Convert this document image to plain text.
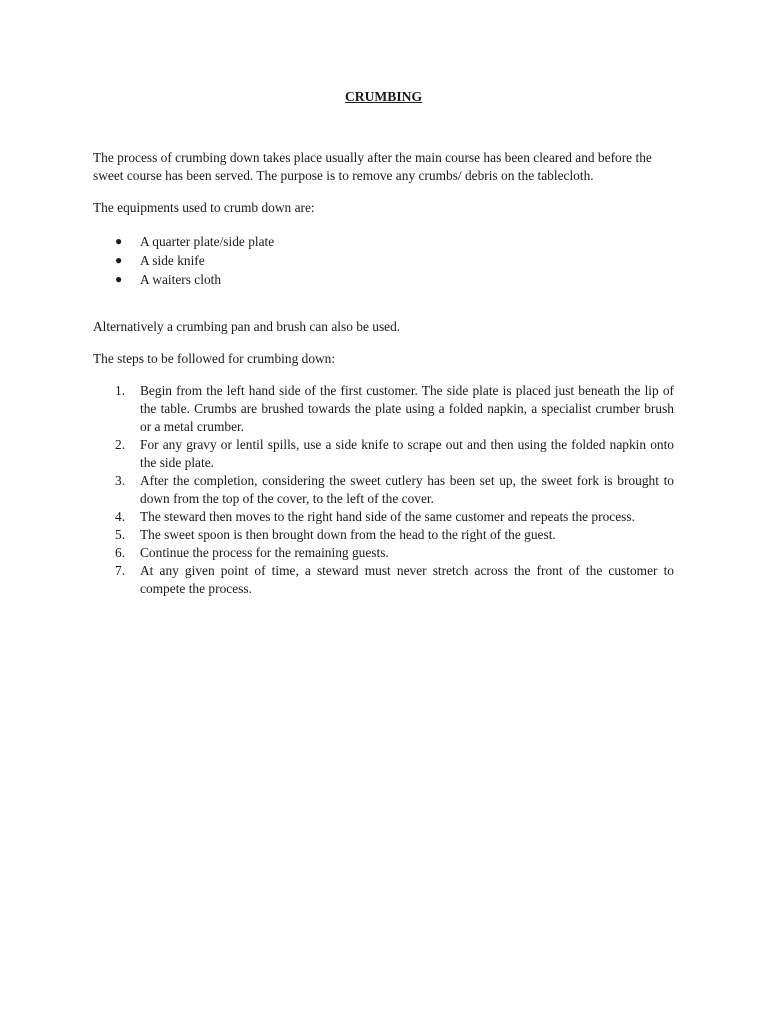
CRUMBING

The process of crumbing down takes place usually after the main course has been cleared and before the sweet course has been served. The purpose is to remove any crumbs/ debris on the tablecloth.

The equipments used to crumb down are:

● A quarter plate/side plate
● A side knife
● A waiters cloth

Alternatively a crumbing pan and brush can also be used.

The steps to be followed for crumbing down:

1. Begin from the left hand side of the first customer. The side plate is placed just beneath the lip of the table. Crumbs are brushed towards the plate using a folded napkin, a specialist crumber brush or a metal crumber.
2. For any gravy or lentil spills, use a side knife to scrape out and then using the folded napkin onto the side plate.
3. After the completion, considering the sweet cutlery has been set up, the sweet fork is brought to down from the top of the cover, to the left of the cover.
4. The steward then moves to the right hand side of the same customer and repeats the process.
5. The sweet spoon is then brought down from the head to the right of the guest.
6. Continue the process for the remaining guests.
7. At any given point of time, a steward must never stretch across the front of the customer to compete the process.
